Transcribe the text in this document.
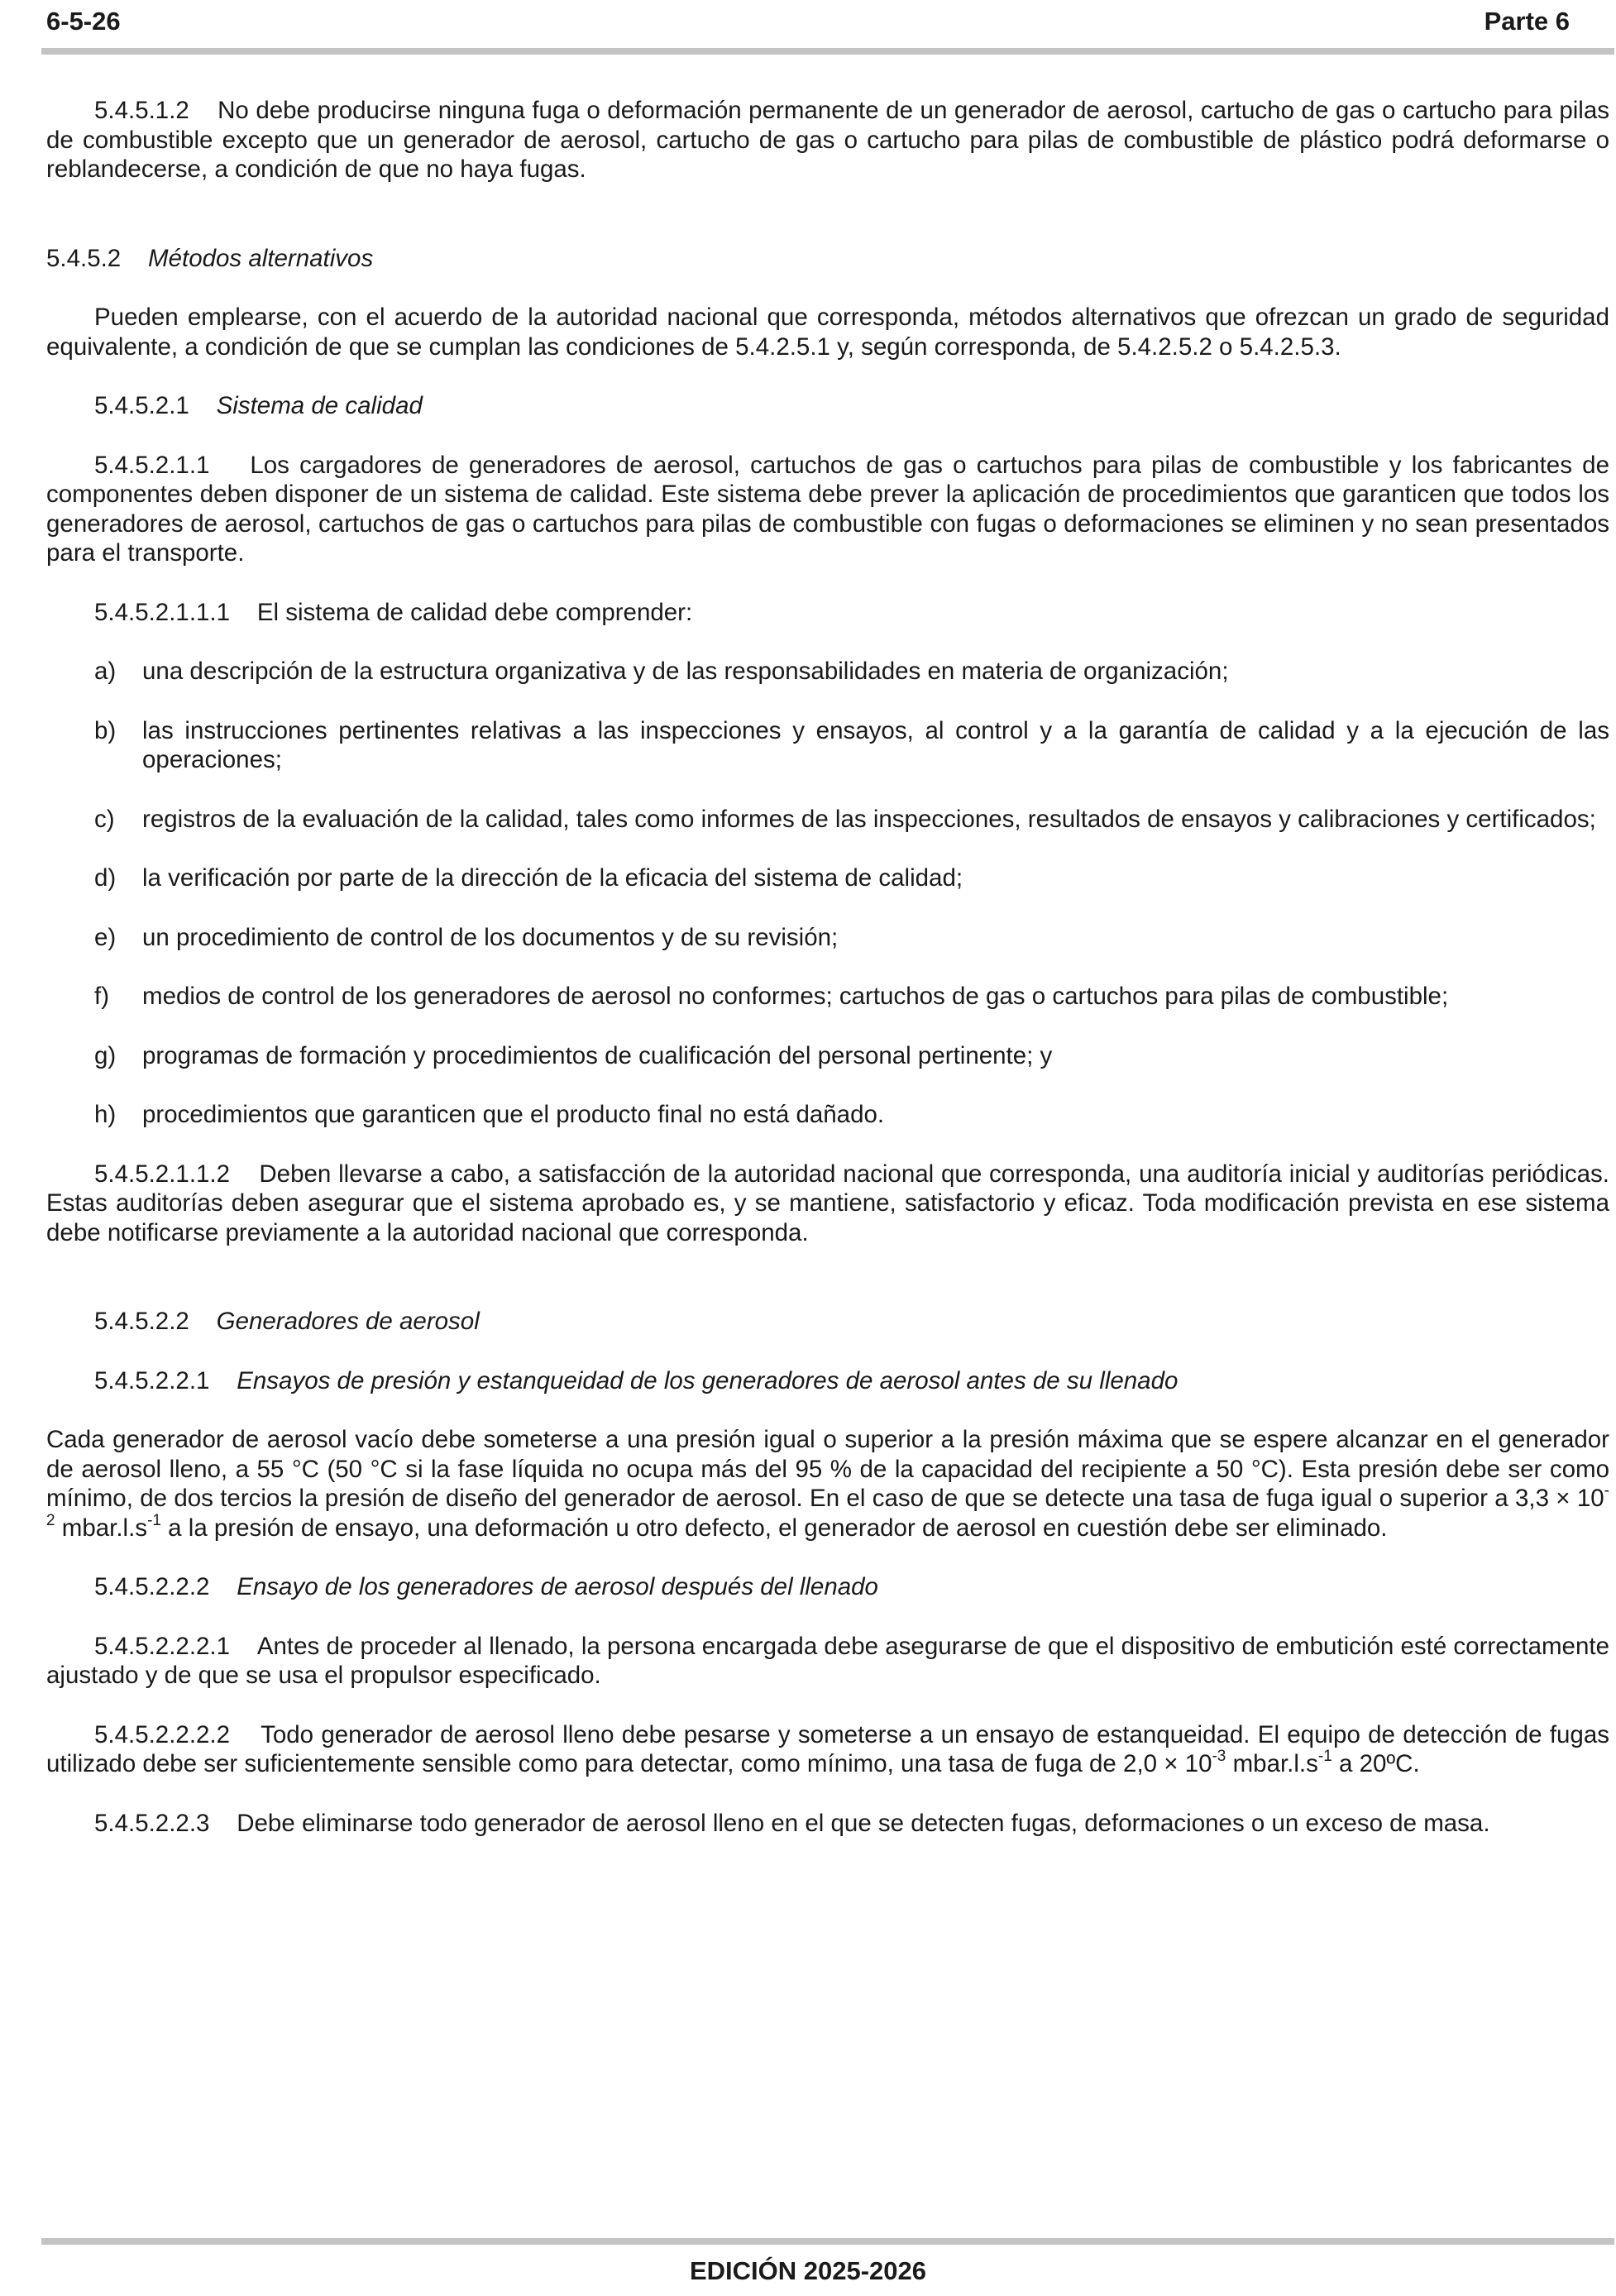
6-5-26	Parte 6

5.4.5.1.2 No debe producirse ninguna fuga o deformación permanente de un generador de aerosol, cartucho de gas o cartucho para pilas de combustible excepto que un generador de aerosol, cartucho de gas o cartucho para pilas de combustible de plástico podrá deformarse o reblandecerse, a condición de que no haya fugas.

5.4.5.2 Métodos alternativos

Pueden emplearse, con el acuerdo de la autoridad nacional que corresponda, métodos alternativos que ofrezcan un grado de seguridad equivalente, a condición de que se cumplan las condiciones de 5.4.2.5.1 y, según corresponda, de 5.4.2.5.2 o 5.4.2.5.3.

5.4.5.2.1 Sistema de calidad

5.4.5.2.1.1 Los cargadores de generadores de aerosol, cartuchos de gas o cartuchos para pilas de combustible y los fabricantes de componentes deben disponer de un sistema de calidad. Este sistema debe prever la aplicación de procedimientos que garanticen que todos los generadores de aerosol, cartuchos de gas o cartuchos para pilas de combustible con fugas o deformaciones se eliminen y no sean presentados para el transporte.

5.4.5.2.1.1.1 El sistema de calidad debe comprender:

a) una descripción de la estructura organizativa y de las responsabilidades en materia de organización;
b) las instrucciones pertinentes relativas a las inspecciones y ensayos, al control y a la garantía de calidad y a la ejecución de las operaciones;
c) registros de la evaluación de la calidad, tales como informes de las inspecciones, resultados de ensayos y calibraciones y certificados;
d) la verificación por parte de la dirección de la eficacia del sistema de calidad;
e) un procedimiento de control de los documentos y de su revisión;
f) medios de control de los generadores de aerosol no conformes; cartuchos de gas o cartuchos para pilas de combustible;
g) programas de formación y procedimientos de cualificación del personal pertinente; y
h) procedimientos que garanticen que el producto final no está dañado.

5.4.5.2.1.1.2 Deben llevarse a cabo, a satisfacción de la autoridad nacional que corresponda, una auditoría inicial y auditorías periódicas. Estas auditorías deben asegurar que el sistema aprobado es, y se mantiene, satisfactorio y eficaz. Toda modificación prevista en ese sistema debe notificarse previamente a la autoridad nacional que corresponda.

5.4.5.2.2 Generadores de aerosol

5.4.5.2.2.1 Ensayos de presión y estanqueidad de los generadores de aerosol antes de su llenado

Cada generador de aerosol vacío debe someterse a una presión igual o superior a la presión máxima que se espere alcanzar en el generador de aerosol lleno, a 55 °C (50 °C si la fase líquida no ocupa más del 95 % de la capacidad del recipiente a 50 °C). Esta presión debe ser como mínimo, de dos tercios la presión de diseño del generador de aerosol. En el caso de que se detecte una tasa de fuga igual o superior a $3,3 \times 10^{-2}$ $mbar.l.s^{-1}$ a la presión de ensayo, una deformación u otro defecto, el generador de aerosol en cuestión debe ser eliminado.

5.4.5.2.2.2 Ensayo de los generadores de aerosol después del llenado

5.4.5.2.2.2.1 Antes de proceder al llenado, la persona encargada debe asegurarse de que el dispositivo de embutición esté correctamente ajustado y de que se usa el propulsor especificado.

5.4.5.2.2.2.2 Todo generador de aerosol lleno debe pesarse y someterse a un ensayo de estanqueidad. El equipo de detección de fugas utilizado debe ser suficientemente sensible como para detectar, como mínimo, una tasa de fuga de $2,0 \times 10^{-3}$ $mbar.l.s^{-1}$ a 20ºC.

5.4.5.2.2.3 Debe eliminarse todo generador de aerosol lleno en el que se detecten fugas, deformaciones o un exceso de masa.

EDICIÓN 2025-2026
